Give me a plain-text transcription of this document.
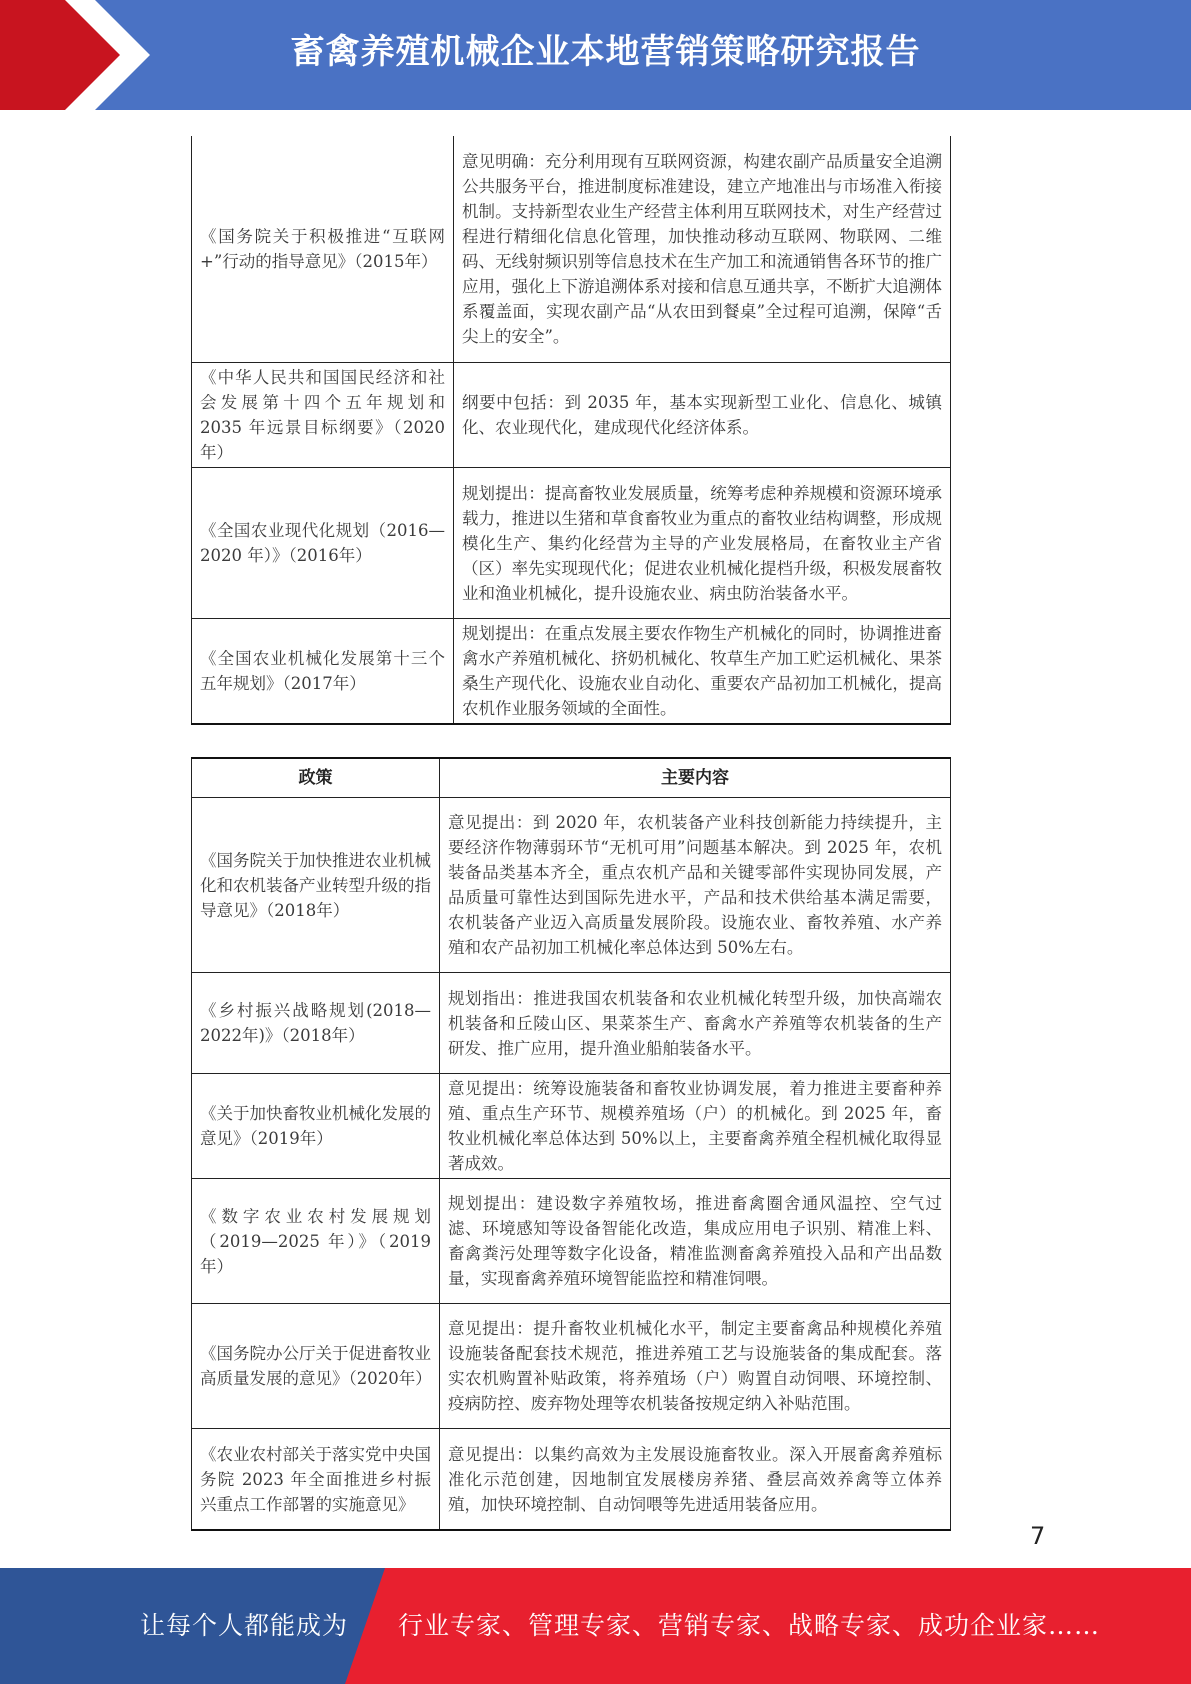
畜禽养殖机械企业本地营销策略研究报告
《国务院关于积极推进“互联网+”行动的指导意见》（2015年）	意见明确：充分利用现有互联网资源，构建农副产品质量安全追溯公共服务平台，推进制度标准建设，建立产地准出与市场准入衔接机制。支持新型农业生产经营主体利用互联网技术，对生产经营过程进行精细化信息化管理，加快推动移动互联网、物联网、二维码、无线射频识别等信息技术在生产加工和流通销售各环节的推广应用，强化上下游追溯体系对接和信息互通共享，不断扩大追溯体系覆盖面，实现农副产品“从农田到餐桌”全过程可追溯，保障“舌尖上的安全”。
《中华人民共和国国民经济和社会发展第十四个五年规划和 2035 年远景目标纲要》（2020年）	纲要中包括：到 2035 年，基本实现新型工业化、信息化、城镇化、农业现代化，建成现代化经济体系。
《全国农业现代化规划（2016—2020 年）》（2016年）	规划提出：提高畜牧业发展质量，统筹考虑种养规模和资源环境承载力，推进以生猪和草食畜牧业为重点的畜牧业结构调整，形成规模化生产、集约化经营为主导的产业发展格局，在畜牧业主产省（区）率先实现现代化；促进农业机械化提档升级，积极发展畜牧业和渔业机械化，提升设施农业、病虫防治装备水平。
《全国农业机械化发展第十三个五年规划》（2017年）	规划提出：在重点发展主要农作物生产机械化的同时，协调推进畜禽水产养殖机械化、挤奶机械化、牧草生产加工贮运机械化、果茶桑生产现代化、设施农业自动化、重要农产品初加工机械化，提高农机作业服务领域的全面性。
政策	主要内容
《国务院关于加快推进农业机械化和农机装备产业转型升级的指导意见》（2018年）	意见提出：到 2020 年，农机装备产业科技创新能力持续提升，主要经济作物薄弱环节“无机可用”问题基本解决。到 2025 年，农机装备品类基本齐全，重点农机产品和关键零部件实现协同发展，产品质量可靠性达到国际先进水平，产品和技术供给基本满足需要，农机装备产业迈入高质量发展阶段。设施农业、畜牧养殖、水产养殖和农产品初加工机械化率总体达到 50%左右。
《乡村振兴战略规划(2018—2022年)》（2018年）	规划指出：推进我国农机装备和农业机械化转型升级，加快高端农机装备和丘陵山区、果菜茶生产、畜禽水产养殖等农机装备的生产研发、推广应用，提升渔业船舶装备水平。
《关于加快畜牧业机械化发展的意见》（2019年）	意见提出：统筹设施装备和畜牧业协调发展，着力推进主要畜种养殖、重点生产环节、规模养殖场（户）的机械化。到 2025 年，畜牧业机械化率总体达到 50%以上，主要畜禽养殖全程机械化取得显著成效。
《数字农业农村发展规划（2019—2025 年）》（2019年）	规划提出：建设数字养殖牧场，推进畜禽圈舍通风温控、空气过滤、环境感知等设备智能化改造，集成应用电子识别、精准上料、畜禽粪污处理等数字化设备，精准监测畜禽养殖投入品和产出品数量，实现畜禽养殖环境智能监控和精准饲喂。
《国务院办公厅关于促进畜牧业高质量发展的意见》（2020年）	意见提出：提升畜牧业机械化水平，制定主要畜禽品种规模化养殖设施装备配套技术规范，推进养殖工艺与设施装备的集成配套。落实农机购置补贴政策，将养殖场（户）购置自动饲喂、环境控制、疫病防控、废弃物处理等农机装备按规定纳入补贴范围。
《农业农村部关于落实党中央国务院 2023 年全面推进乡村振兴重点工作部署的实施意见》	意见提出：以集约高效为主发展设施畜牧业。深入开展畜禽养殖标准化示范创建，因地制宜发展楼房养猪、叠层高效养禽等立体养殖，加快环境控制、自动饲喂等先进适用装备应用。
7
让每个人都能成为 行业专家、管理专家、营销专家、战略专家、成功企业家……
